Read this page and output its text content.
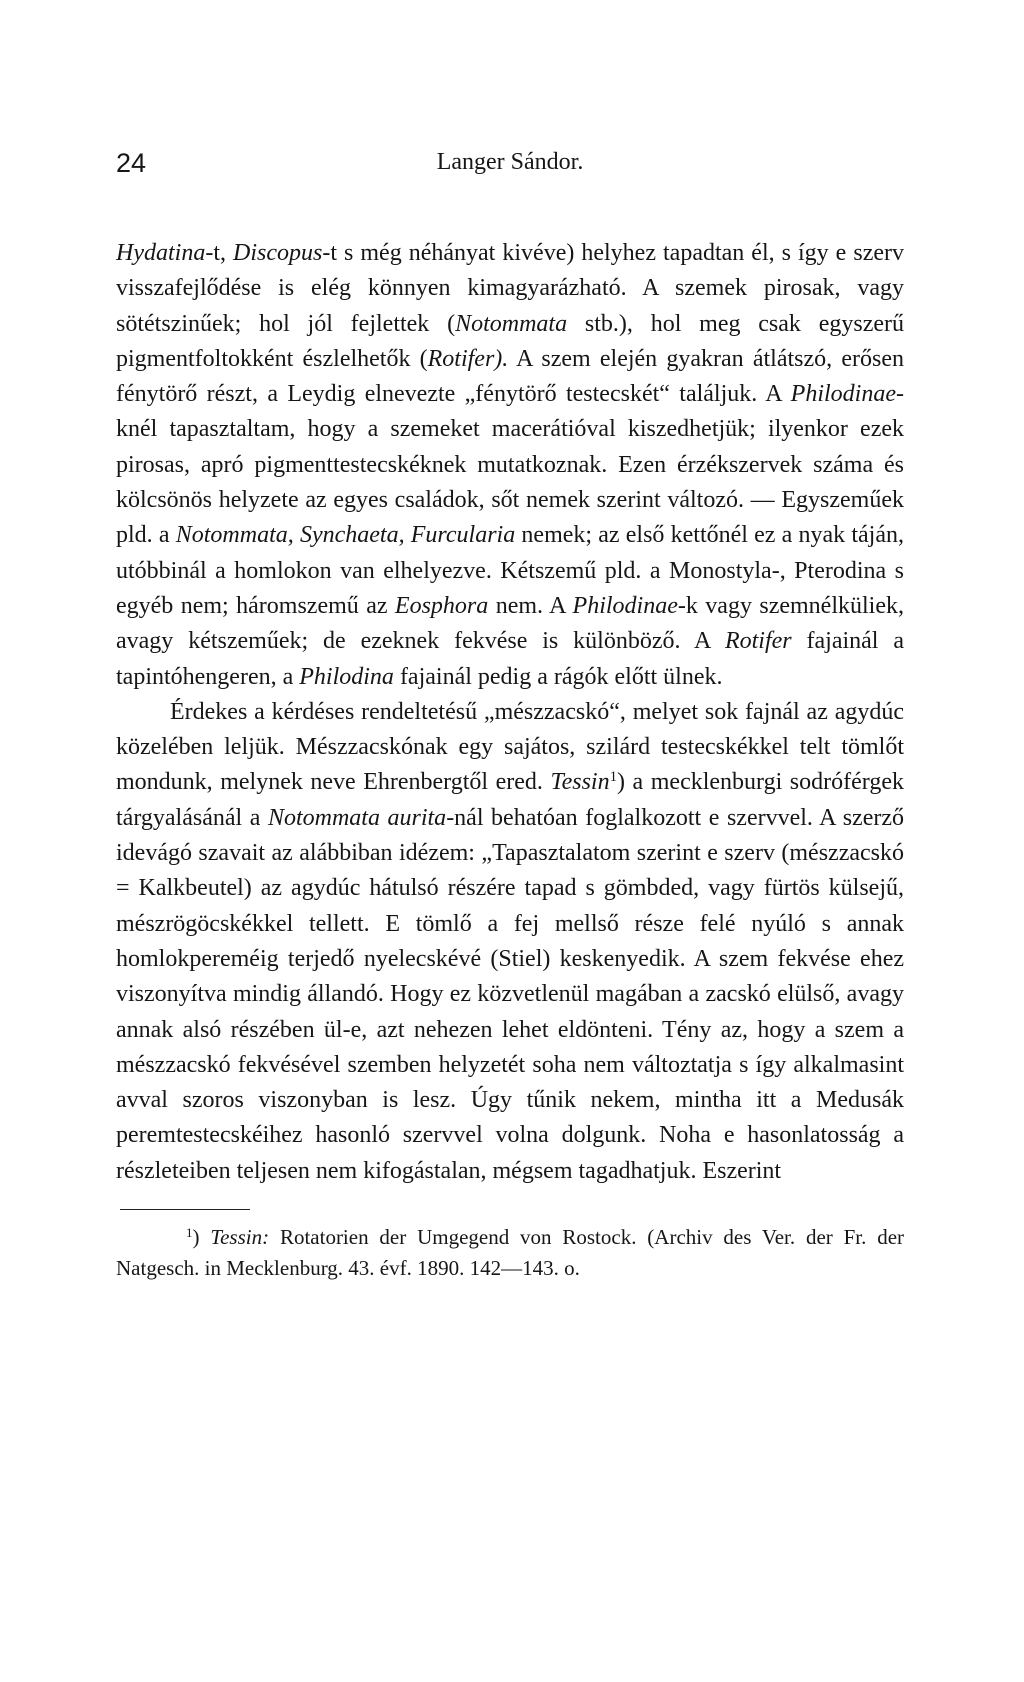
24	Langer Sándor.

Hydatina-t, Discopus-t s még néhányat kivéve) helyhez tapadtan él, s így e szerv visszafejlődése is elég könnyen kimagyarázható. A szemek pirosak, vagy sötétszinűek; hol jól fejlettek (Notommata stb.), hol meg csak egyszerű pigmentfoltokként észlelhetők (Rotifer). A szem elején gyakran átlátszó, erősen fénytörő részt, a Leydig elnevezte „fénytörő testecskét“ találjuk. A Philodinae-knél tapasztaltam, hogy a szemeket macerátióval kiszedhetjük; ilyenkor ezek pirosas, apró pigmenttestecskéknek mutatkoznak. Ezen érzékszervek száma és kölcsönös helyzete az egyes családok, sőt nemek szerint változó. — Egyszeműek pld. a Notommata, Synchaeta, Furcularia nemek; az első kettőnél ez a nyak táján, utóbbinál a homlokon van elhelyezve. Kétszemű pld. a Monostyla-, Pterodina s egyéb nem; háromszemű az Eosphora nem. A Philodinae-k vagy szemnélküliek, avagy kétszeműek; de ezeknek fekvése is különböző. A Rotifer fajainál a tapintóhengeren, a Philodina fajainál pedig a rágók előtt ülnek.

Érdekes a kérdéses rendeltetésű „mészzacskó“, melyet sok fajnál az agydúc közelében leljük. Mészzacskónak egy sajátos, szilárd testecskékkel telt tömlőt mondunk, melynek neve Ehrenbergtől ered. Tessin$^1$) a mecklenburgi sodróférgek tárgyalásánál a Notommata aurita-nál behatóan foglalkozott e szervvel. A szerző idevágó szavait az alábbiban idézem: „Tapasztalatom szerint e szerv (mészzacskó = Kalkbeutel) az agydúc hátulsó részére tapad s gömbded, vagy fürtös külsejű, mészrögöcskékkel tellett. E tömlő a fej mellső része felé nyúló s annak homlokpereméig terjedő nyelecskévé (Stiel) keskenyedik. A szem fekvése ehez viszonyítva mindig állandó. Hogy ez közvetlenül magában a zacskó elülső, avagy annak alsó részében ül-e, azt nehezen lehet eldönteni. Tény az, hogy a szem a mészzacskó fekvésével szemben helyzetét soha nem változtatja s így alkalmasint avval szoros viszonyban is lesz. Úgy tűnik nekem, mintha itt a Medusák peremtestecskéihez hasonló szervvel volna dolgunk. Noha e hasonlatosság a részleteiben teljesen nem kifogástalan, mégsem tagadhatjuk. Eszerint

$^1$) Tessin: Rotatorien der Umgegend von Rostock. (Archiv des Ver. der Fr. der Natgesch. in Mecklenburg. 43. évf. 1890. 142—143. o.
